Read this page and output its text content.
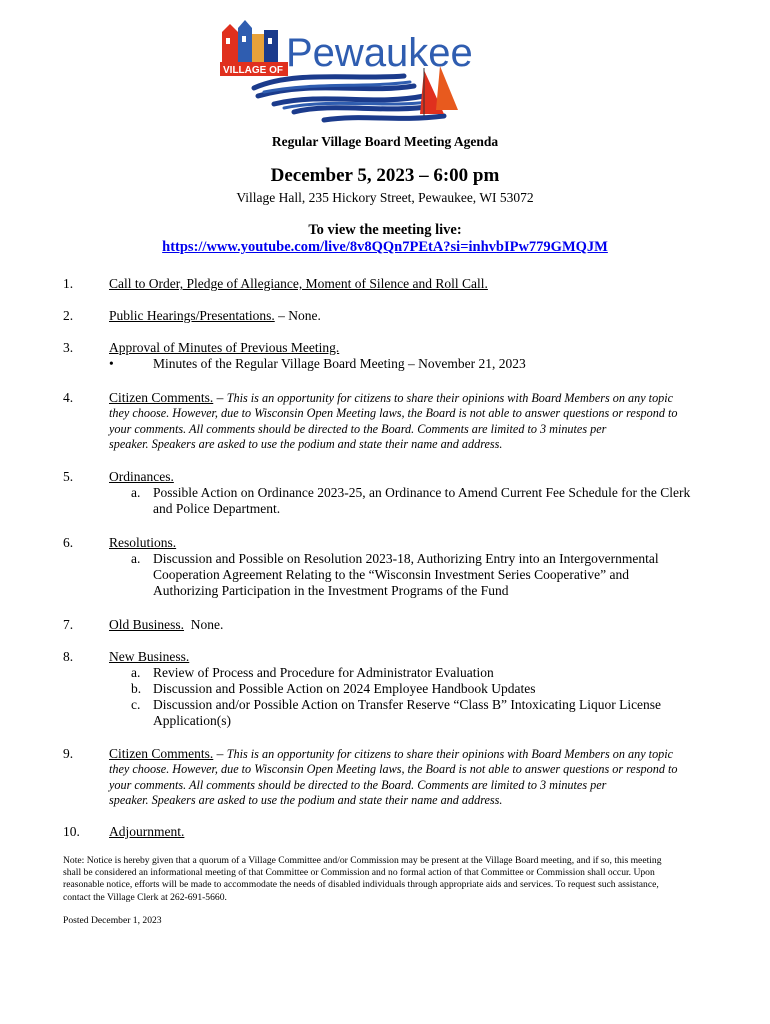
VILLAGE OF Pewaukee
Regular Village Board Meeting Agenda
December 5, 2023 – 6:00 pm
Village Hall, 235 Hickory Street, Pewaukee, WI 53072
To view the meeting live:
https://www.youtube.com/live/8v8QQn7PEtA?si=inhvbIPw779GMQJM
1.	Call to Order, Pledge of Allegiance, Moment of Silence and Roll Call.
2.	Public Hearings/Presentations. – None.
3.	Approval of Minutes of Previous Meeting.
•	Minutes of the Regular Village Board Meeting – November 21, 2023
4.	Citizen Comments. – This is an opportunity for citizens to share their opinions with Board Members on any topic
they choose. However, due to Wisconsin Open Meeting laws, the Board is not able to answer questions or respond to
your comments. All comments should be directed to the Board. Comments are limited to 3 minutes per
speaker. Speakers are asked to use the podium and state their name and address.
5.	Ordinances.
a. Possible Action on Ordinance 2023-25, an Ordinance to Amend Current Fee Schedule for the Clerk
and Police Department.
6.	Resolutions.
a. Discussion and Possible on Resolution 2023-18, Authorizing Entry into an Intergovernmental
Cooperation Agreement Relating to the “Wisconsin Investment Series Cooperative” and
Authorizing Participation in the Investment Programs of the Fund
7.	Old Business.  None.
8.	New Business.
a. Review of Process and Procedure for Administrator Evaluation
b. Discussion and Possible Action on 2024 Employee Handbook Updates
c. Discussion and/or Possible Action on Transfer Reserve “Class B” Intoxicating Liquor License
Application(s)
9.	Citizen Comments. – This is an opportunity for citizens to share their opinions with Board Members on any topic
they choose. However, due to Wisconsin Open Meeting laws, the Board is not able to answer questions or respond to
your comments. All comments should be directed to the Board. Comments are limited to 3 minutes per
speaker. Speakers are asked to use the podium and state their name and address.
10. Adjournment.
Note: Notice is hereby given that a quorum of a Village Committee and/or Commission may be present at the Village Board meeting, and if so, this meeting
shall be considered an informational meeting of that Committee or Commission and no formal action of that Committee or Commission shall occur. Upon
reasonable notice, efforts will be made to accommodate the needs of disabled individuals through appropriate aids and services. To request such assistance,
contact the Village Clerk at 262-691-5660.
Posted December 1, 2023
